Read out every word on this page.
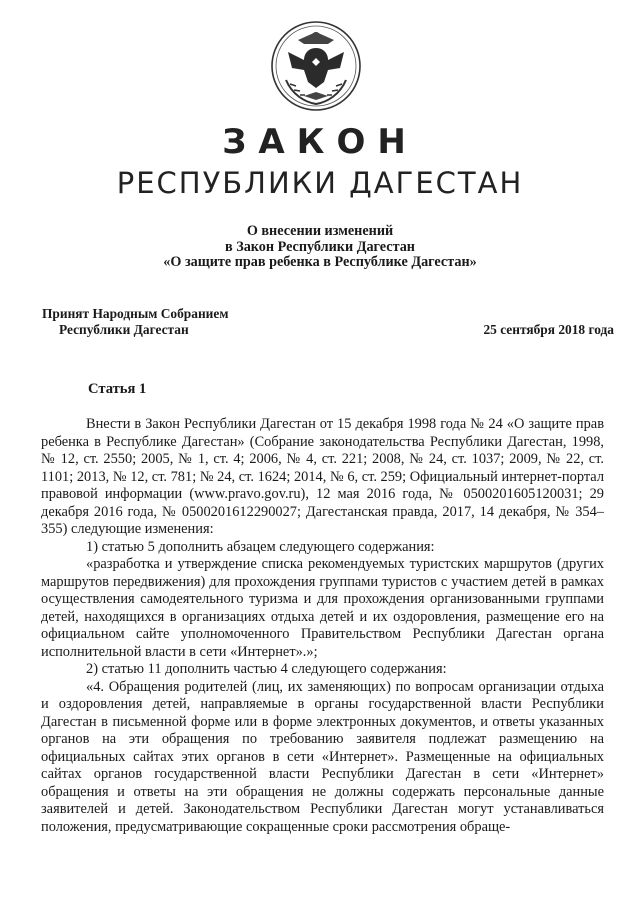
ЗАКОН
РЕСПУБЛИКИ ДАГЕСТАН
О внесении изменений
в Закон Республики Дагестан
«О защите прав ребенка в Республике Дагестан»
Принят Народным Собранием
Республики Дагестан	25 сентября 2018 года
Статья 1

Внести в Закон Республики Дагестан от 15 декабря 1998 года № 24 «О защите прав ребенка в Республике Дагестан» (Собрание законодательства Республики Дагестан, 1998, № 12, ст. 2550; 2005, № 1, ст. 4; 2006, № 4, ст. 221; 2008, № 24, ст. 1037; 2009, № 22, ст. 1101; 2013, № 12, ст. 781; № 24, ст. 1624; 2014, № 6, ст. 259; Официальный интернет-портал правовой информации (www.pravo.gov.ru), 12 мая 2016 года, № 0500201605120031; 29 декабря 2016 года, № 0500201612290027; Дагестанская правда, 2017, 14 декабря, № 354–355) следующие изменения:

1) статью 5 дополнить абзацем следующего содержания:

«разработка и утверждение списка рекомендуемых туристских маршрутов (других маршрутов передвижения) для прохождения группами туристов с участием детей в рамках осуществления самодеятельного туризма и для прохождения организованными группами детей, находящихся в организациях отдыха детей и их оздоровления, размещение его на официальном сайте уполномоченного Правительством Республики Дагестан органа исполнительной власти в сети «Интернет».»;

2) статью 11 дополнить частью 4 следующего содержания:

«4. Обращения родителей (лиц, их заменяющих) по вопросам организации отдыха и оздоровления детей, направляемые в органы государственной власти Республики Дагестан в письменной форме или в форме электронных документов, и ответы указанных органов на эти обращения по требованию заявителя подлежат размещению на официальных сайтах этих органов в сети «Интернет». Размещенные на официальных сайтах органов государственной власти Республики Дагестан в сети «Интернет» обращения и ответы на эти обращения не должны содержать персональные данные заявителей и детей. Законодательством Республики Дагестан могут устанавливаться положения, предусматривающие сокращенные сроки рассмотрения обраще-
